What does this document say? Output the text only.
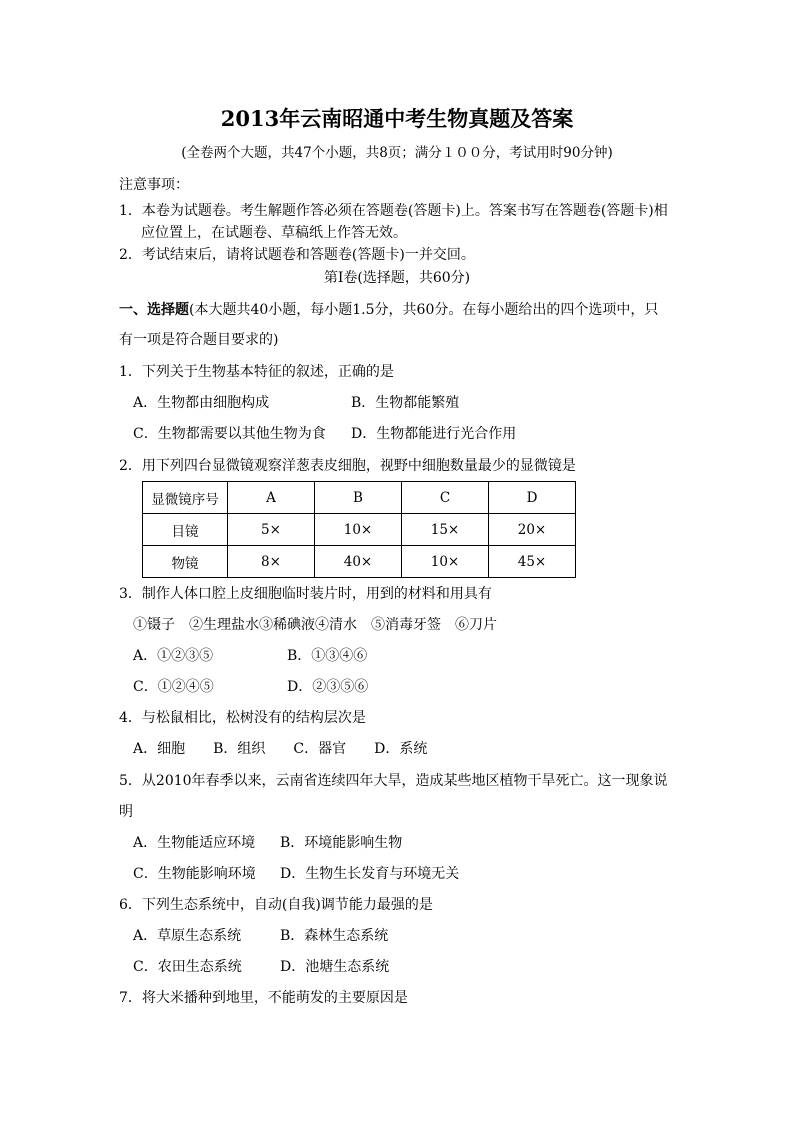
2013年云南昭通中考生物真题及答案
(全卷两个大题，共47个小题，共8页；满分１００分，考试用时90分钟)
注意事项：
1．本卷为试题卷。考生解题作答必须在答题卷(答题卡)上。答案书写在答题卷(答题卡)相
应位置上，在试题卷、草稿纸上作答无效。
2．考试结束后，请将试题卷和答题卷(答题卡)一并交回。
第Ⅰ卷(选择题，共60分)
一、选择题(本大题共40小题，每小题1.5分，共60分。在每小题给出的四个选项中，只
有一项是符合题目要求的)
1．下列关于生物基本特征的叙述，正确的是
A．生物都由细胞构成	B．生物都能繁殖
C．生物都需要以其他生物为食 D．生物都能进行光合作用
2．用下列四台显微镜观察洋葱表皮细胞，视野中细胞数量最少的显微镜是
显微镜序号	A	B	C	D
目镜	5×	10×	15×	20×
物镜	8×	40×	10×	45×
3．制作人体口腔上皮细胞临时装片时，用到的材料和用具有
①镊子　②生理盐水③稀碘液④清水　⑤消毒牙签　⑥刀片
A．①②③⑤	B．①③④⑥
C．①②④⑤	D．②③⑤⑥
4．与松鼠相比，松树没有的结构层次是
A．细胞　　B．组织　　C．器官　　D．系统
5．从2010年春季以来，云南省连续四年大旱，造成某些地区植物干旱死亡。这一现象说
明
A．生物能适应环境 B．环境能影响生物
C．生物能影响环境 D．生物生长发育与环境无关
6．下列生态系统中，自动(自我)调节能力最强的是
A．草原生态系统	B．森林生态系统
C．农田生态系统	D．池塘生态系统
7．将大米播种到地里，不能萌发的主要原因是
